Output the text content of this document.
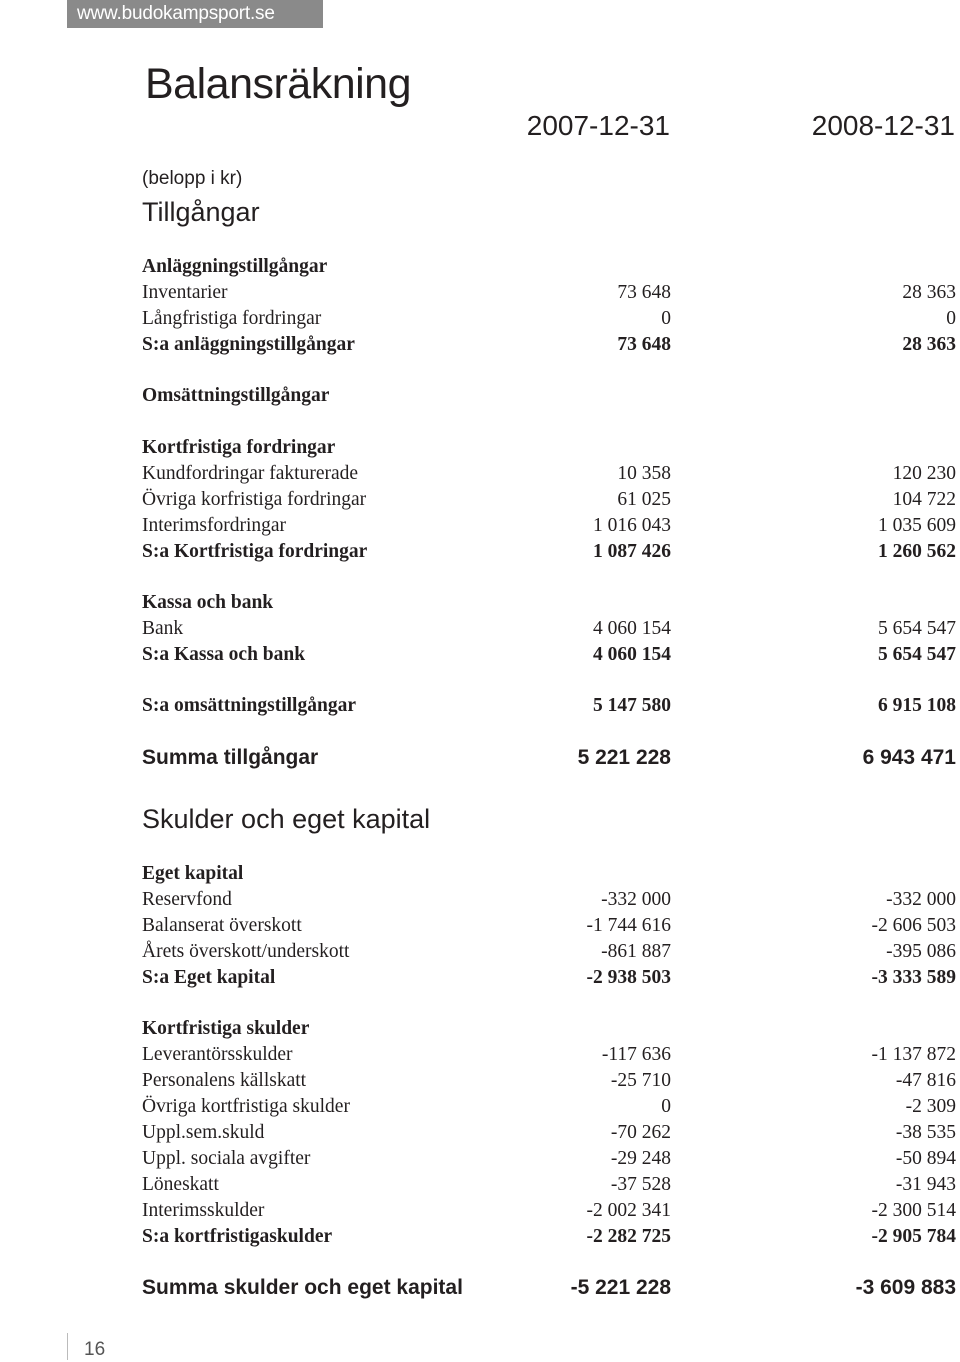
www.budokampsport.se
Balansräkning
2007-12-31	2008-12-31
(belopp i kr)
Tillgångar
Skulder och eget kapital
Anläggningstillgångar
Inventarier	73 648	28 363
Långfristiga fordringar	0	0
S:a anläggningstillgångar	73 648	28 363
Omsättningstillgångar
Kortfristiga fordringar
Kundfordringar fakturerade	10 358	120 230
Övriga korfristiga fordringar	61 025	104 722
Interimsfordringar	1 016 043	1 035 609
S:a Kortfristiga fordringar	1 087 426	1 260 562
Kassa och bank
Bank	4 060 154	5 654 547
S:a Kassa och bank	4 060 154	5 654 547
S:a omsättningstillgångar	5 147 580	6 915 108
Summa tillgångar	5 221 228	6 943 471
Eget kapital
Reservfond	-332 000	-332 000
Balanserat överskott	-1 744 616	-2 606 503
Årets överskott/underskott	-861 887	-395 086
S:a Eget kapital	-2 938 503	-3 333 589
Kortfristiga skulder
Leverantörsskulder	-117 636	-1 137 872
Personalens källskatt	-25 710	-47 816
Övriga kortfristiga skulder	0	-2 309
Uppl.sem.skuld	-70 262	-38 535
Uppl. sociala avgifter	-29 248	-50 894
Löneskatt	-37 528	-31 943
Interimsskulder	-2 002 341	-2 300 514
S:a kortfristigaskulder	-2 282 725	-2 905 784
Summa skulder och eget kapital	-5 221 228	-3 609 883
16
